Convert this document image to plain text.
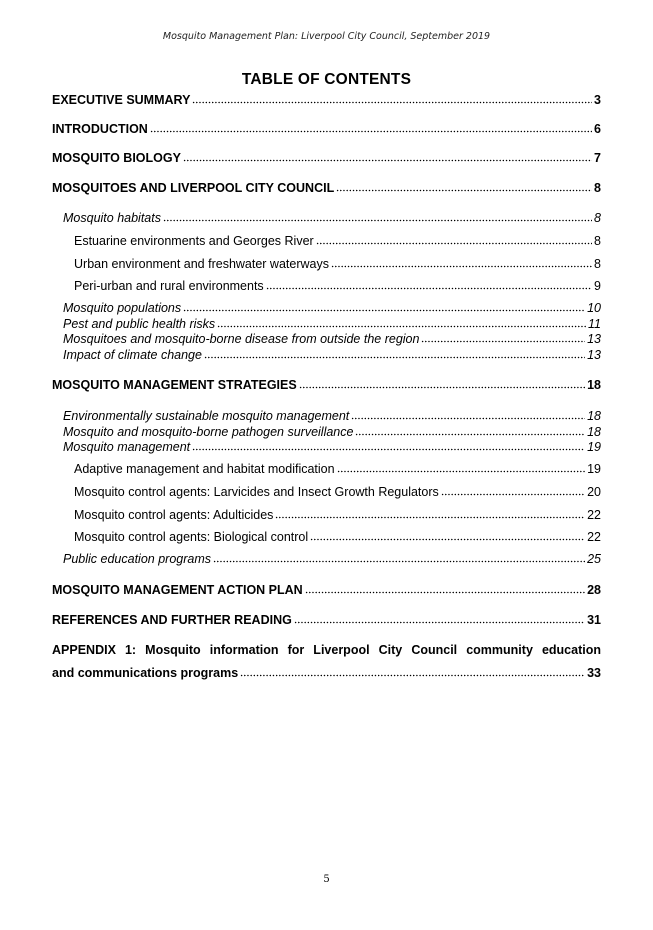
Mosquito Management Plan: Liverpool City Council, September 2019
TABLE OF CONTENTS
EXECUTIVE SUMMARY	3
INTRODUCTION	6
MOSQUITO BIOLOGY	7
MOSQUITOES AND LIVERPOOL CITY COUNCIL	8
Mosquito habitats	8
Estuarine environments and Georges River	8
Urban environment and freshwater waterways	8
Peri-urban and rural environments	9
Mosquito populations	10
Pest and public health risks	11
Mosquitoes and mosquito-borne disease from outside the region	13
Impact of climate change	13
MOSQUITO MANAGEMENT STRATEGIES	18
Environmentally sustainable mosquito management	18
Mosquito and mosquito-borne pathogen surveillance	18
Mosquito management	19
Adaptive management and habitat modification	19
Mosquito control agents: Larvicides and Insect Growth Regulators	20
Mosquito control agents: Adulticides	22
Mosquito control agents: Biological control	22
Public education programs	25
MOSQUITO MANAGEMENT ACTION PLAN	28
REFERENCES AND FURTHER READING	31
APPENDIX 1: Mosquito information for Liverpool City Council community education
and communications programs	33
5
